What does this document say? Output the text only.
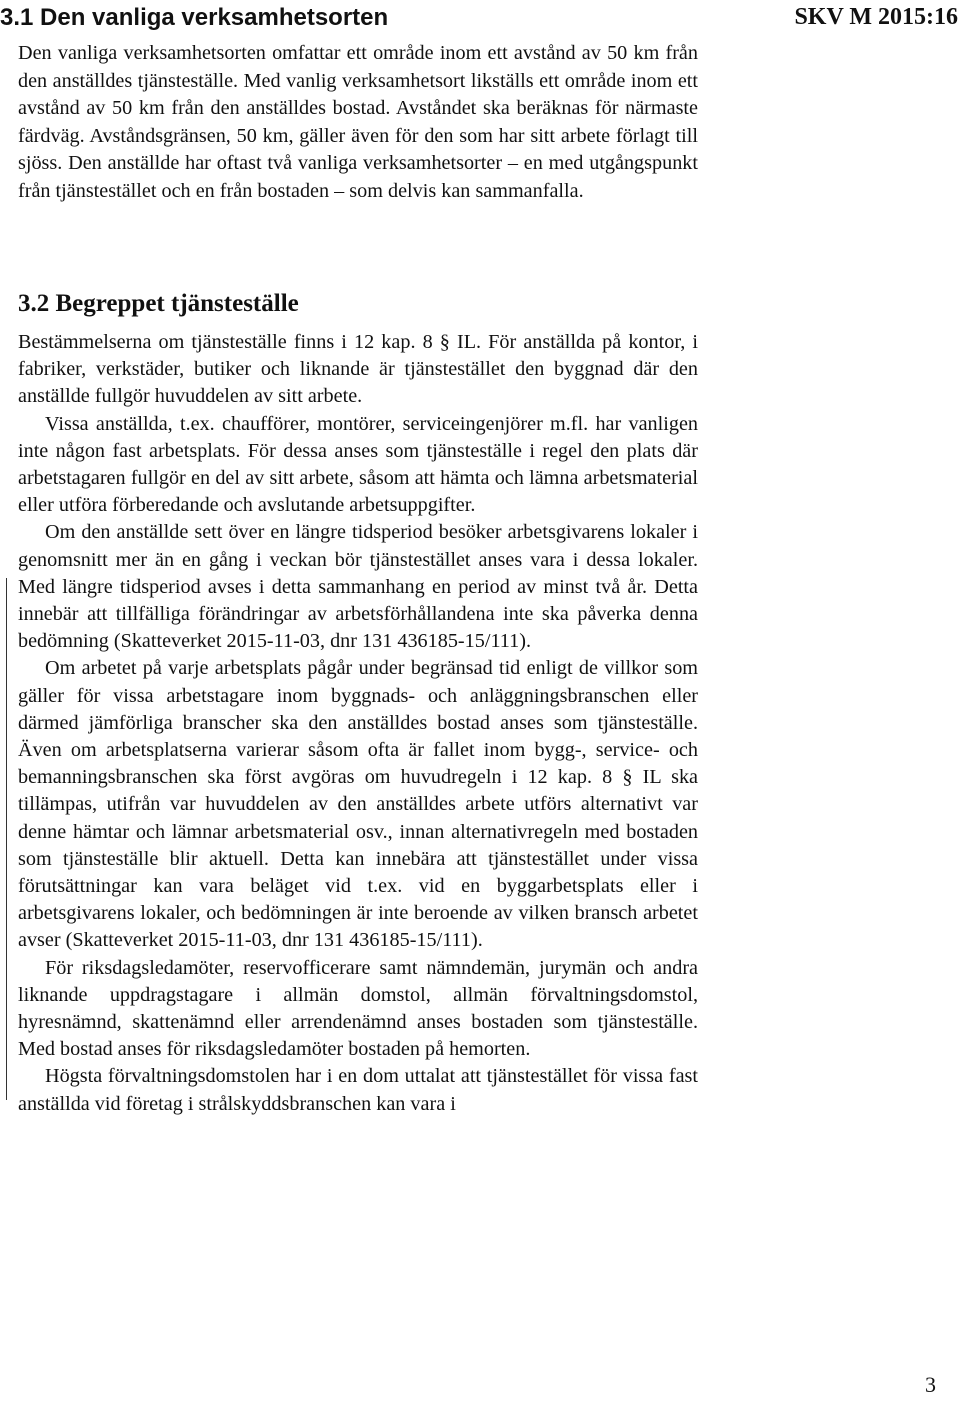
SKV M 2015:16

3.1 Den vanliga verksamhetsorten

Den vanliga verksamhetsorten omfattar ett område inom ett avstånd av 50 km från den anställdes tjänsteställe. Med vanlig verksamhetsort likställs ett område inom ett avstånd av 50 km från den anställdes bostad. Avståndet ska beräknas för närmaste färdväg. Avståndsgränsen, 50 km, gäller även för den som har sitt arbete förlagt till sjöss. Den anställde har oftast två vanliga verksamhetsorter – en med utgångspunkt från tjänstestället och en från bostaden – som delvis kan sammanfalla.

3.2 Begreppet tjänsteställe

Bestämmelserna om tjänsteställe finns i 12 kap. 8 § IL. För anställda på kontor, i fabriker, verkstäder, butiker och liknande är tjänstestället den byggnad där den anställde fullgör huvuddelen av sitt arbete.

Vissa anställda, t.ex. chaufförer, montörer, serviceingenjörer m.fl. har vanligen inte någon fast arbetsplats. För dessa anses som tjänsteställe i regel den plats där arbetstagaren fullgör en del av sitt arbete, såsom att hämta och lämna arbetsmaterial eller utföra förberedande och avslutande arbetsuppgifter.

Om den anställde sett över en längre tidsperiod besöker arbetsgivarens lokaler i genomsnitt mer än en gång i veckan bör tjänstestället anses vara i dessa lokaler. Med längre tidsperiod avses i detta sammanhang en period av minst två år. Detta innebär att tillfälliga förändringar av arbetsförhållandena inte ska påverka denna bedömning (Skatteverket 2015-11-03, dnr 131 436185-15/111).

Om arbetet på varje arbetsplats pågår under begränsad tid enligt de villkor som gäller för vissa arbetstagare inom byggnads- och anläggningsbranschen eller därmed jämförliga branscher ska den anställdes bostad anses som tjänsteställe. Även om arbetsplatserna varierar såsom ofta är fallet inom bygg-, service- och bemanningsbranschen ska först avgöras om huvudregeln i 12 kap. 8 § IL ska tillämpas, utifrån var huvuddelen av den anställdes arbete utförs alternativt var denne hämtar och lämnar arbetsmaterial osv., innan alternativregeln med bostaden som tjänsteställe blir aktuell. Detta kan innebära att tjänstestället under vissa förutsättningar kan vara beläget vid t.ex. vid en byggarbetsplats eller i arbetsgivarens lokaler, och bedömningen är inte beroende av vilken bransch arbetet avser (Skatteverket 2015-11-03, dnr 131 436185-15/111).

För riksdagsledamöter, reservofficerare samt nämndemän, jurymän och andra liknande uppdragstagare i allmän domstol, allmän förvaltningsdomstol, hyresnämnd, skattenämnd eller arrendenämnd anses bostaden som tjänsteställe. Med bostad anses för riksdagsledamöter bostaden på hemorten.

Högsta förvaltningsdomstolen har i en dom uttalat att tjänstestället för vissa fast anställda vid företag i strålskyddsbranschen kan vara i

3
